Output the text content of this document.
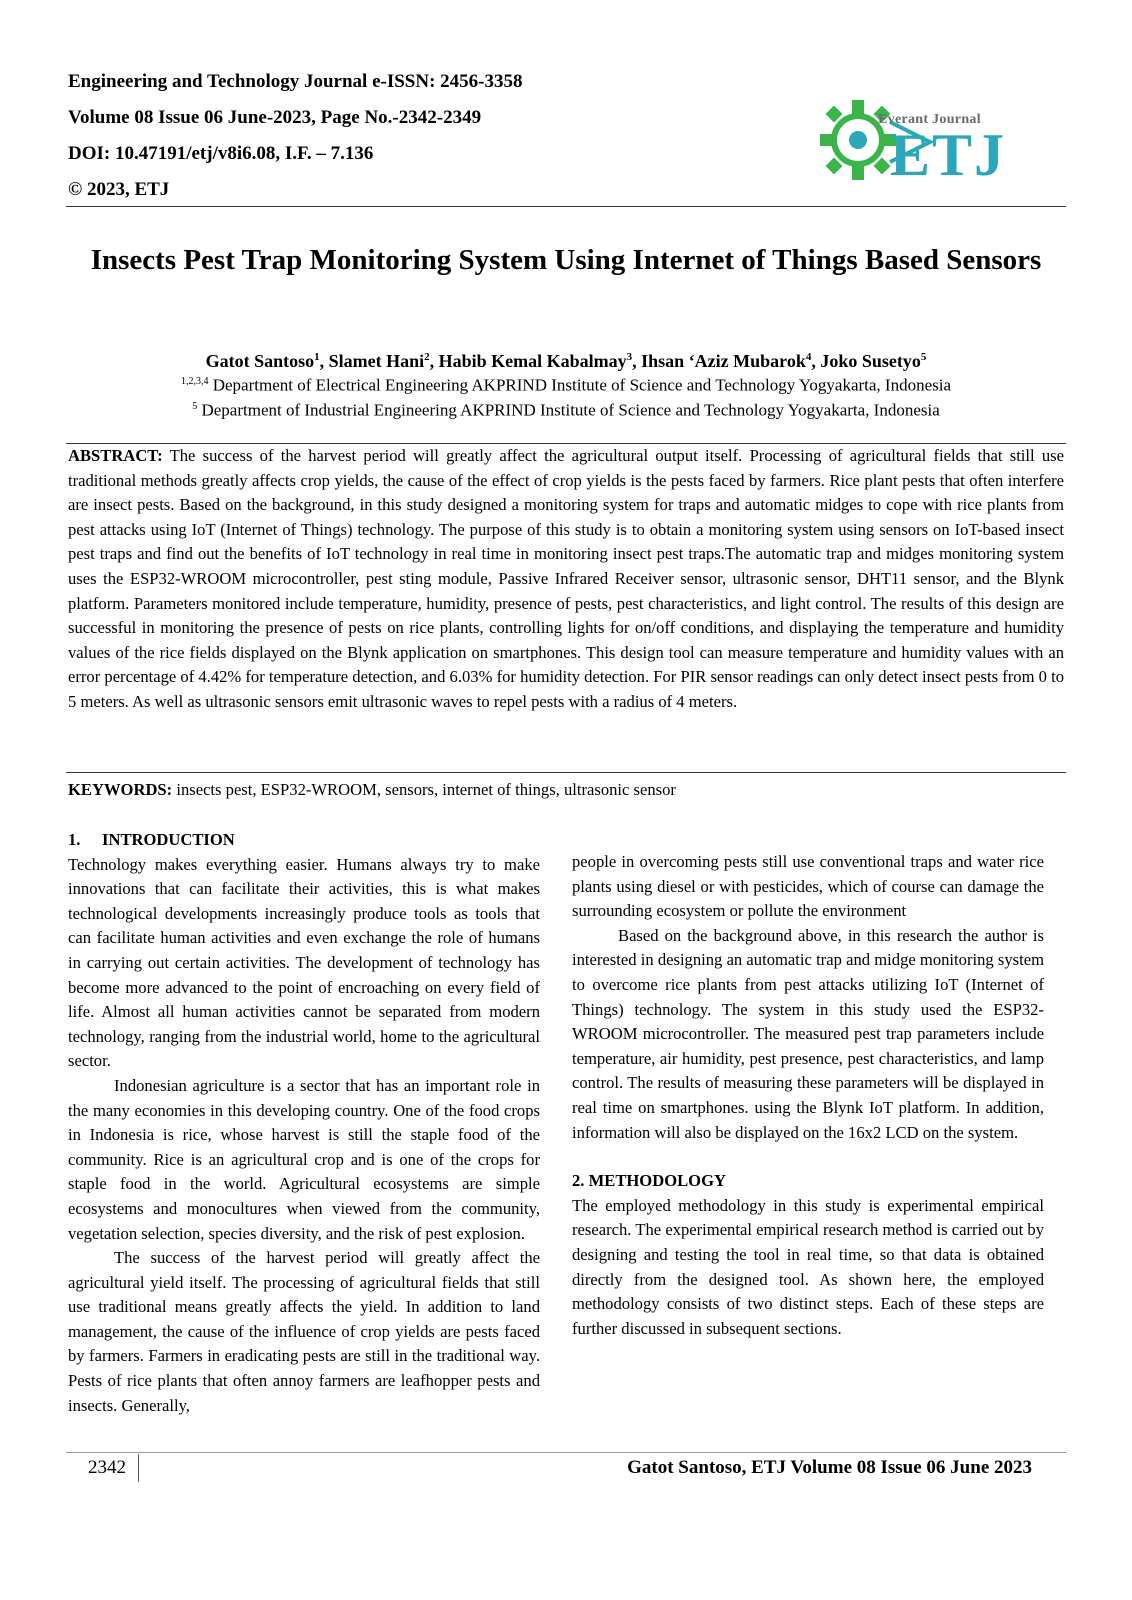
Engineering and Technology Journal e-ISSN: 2456-3358
Volume 08 Issue 06 June-2023, Page No.-2342-2349
DOI: 10.47191/etj/v8i6.08, I.F. – 7.136
© 2023, ETJ
Everant Journal
ETJ
Insects Pest Trap Monitoring System Using Internet of Things Based Sensors
Gatot Santoso$^1$, Slamet Hani$^2$, Habib Kemal Kabalmay$^3$, Ihsan ‘Aziz Mubarok$^4$, Joko Susetyo$^5$
$^{1,2,3,4}$ Department of Electrical Engineering AKPRIND Institute of Science and Technology Yogyakarta, Indonesia
$^5$ Department of Industrial Engineering AKPRIND Institute of Science and Technology Yogyakarta, Indonesia
ABSTRACT: The success of the harvest period will greatly affect the agricultural output itself. Processing of agricultural fields that still use traditional methods greatly affects crop yields, the cause of the effect of crop yields is the pests faced by farmers. Rice plant pests that often interfere are insect pests. Based on the background, in this study designed a monitoring system for traps and automatic midges to cope with rice plants from pest attacks using IoT (Internet of Things) technology. The purpose of this study is to obtain a monitoring system using sensors on IoT-based insect pest traps and find out the benefits of IoT technology in real time in monitoring insect pest traps.The automatic trap and midges monitoring system uses the ESP32-WROOM microcontroller, pest sting module, Passive Infrared Receiver sensor, ultrasonic sensor, DHT11 sensor, and the Blynk platform. Parameters monitored include temperature, humidity, presence of pests, pest characteristics, and light control. The results of this design are successful in monitoring the presence of pests on rice plants, controlling lights for on/off conditions, and displaying the temperature and humidity values of the rice fields displayed on the Blynk application on smartphones. This design tool can measure temperature and humidity values with an error percentage of 4.42% for temperature detection, and 6.03% for humidity detection. For PIR sensor readings can only detect insect pests from 0 to 5 meters. As well as ultrasonic sensors emit ultrasonic waves to repel pests with a radius of 4 meters.
KEYWORDS: insects pest, ESP32-WROOM, sensors, internet of things, ultrasonic sensor

1. INTRODUCTION

Technology makes everything easier. Humans always try to make innovations that can facilitate their activities, this is what makes technological developments increasingly produce tools as tools that can facilitate human activities and even exchange the role of humans in carrying out certain activities. The development of technology has become more advanced to the point of encroaching on every field of life. Almost all human activities cannot be separated from modern technology, ranging from the industrial world, home to the agricultural sector.

Indonesian agriculture is a sector that has an important role in the many economies in this developing country. One of the food crops in Indonesia is rice, whose harvest is still the staple food of the community. Rice is an agricultural crop and is one of the crops for staple food in the world. Agricultural ecosystems are simple ecosystems and monocultures when viewed from the community, vegetation selection, species diversity, and the risk of pest explosion.

The success of the harvest period will greatly affect the agricultural yield itself. The processing of agricultural fields that still use traditional means greatly affects the yield. In addition to land management, the cause of the influence of crop yields are pests faced by farmers. Farmers in eradicating pests are still in the traditional way. Pests of rice plants that often annoy farmers are leafhopper pests and insects. Generally,

people in overcoming pests still use conventional traps and water rice plants using diesel or with pesticides, which of course can damage the surrounding ecosystem or pollute the environment

Based on the background above, in this research the author is interested in designing an automatic trap and midge monitoring system to overcome rice plants from pest attacks utilizing IoT (Internet of Things) technology. The system in this study used the ESP32-WROOM microcontroller. The measured pest trap parameters include temperature, air humidity, pest presence, pest characteristics, and lamp control. The results of measuring these parameters will be displayed in real time on smartphones. using the Blynk IoT platform. In addition, information will also be displayed on the 16x2 LCD on the system.

2. METHODOLOGY

The employed methodology in this study is experimental empirical research. The experimental empirical research method is carried out by designing and testing the tool in real time, so that data is obtained directly from the designed tool. As shown here, the employed methodology consists of two distinct steps. Each of these steps are further discussed in subsequent sections.

2342	Gatot Santoso, ETJ Volume 08 Issue 06 June 2023
